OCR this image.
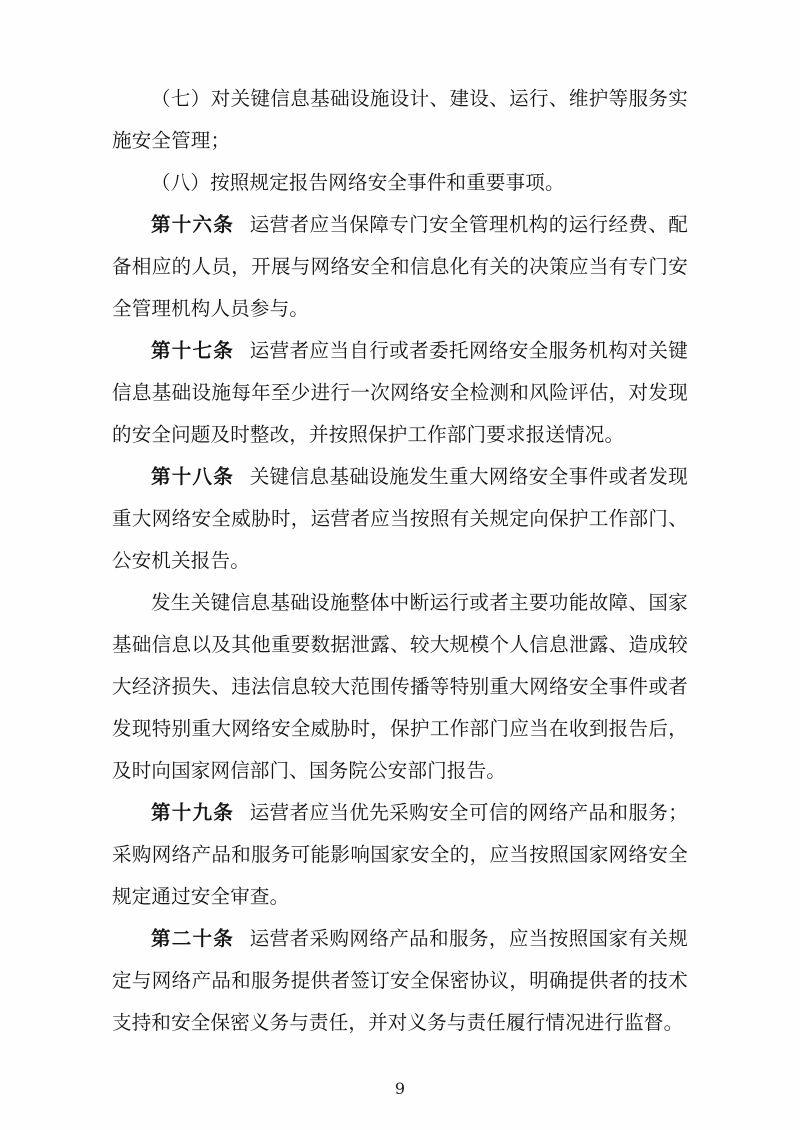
（七）对关键信息基础设施设计、建设、运行、维护等服务实施安全管理；

（八）按照规定报告网络安全事件和重要事项。

第十六条 运营者应当保障专门安全管理机构的运行经费、配备相应的人员，开展与网络安全和信息化有关的决策应当有专门安全管理机构人员参与。

第十七条 运营者应当自行或者委托网络安全服务机构对关键信息基础设施每年至少进行一次网络安全检测和风险评估，对发现的安全问题及时整改，并按照保护工作部门要求报送情况。

第十八条 关键信息基础设施发生重大网络安全事件或者发现重大网络安全威胁时，运营者应当按照有关规定向保护工作部门、公安机关报告。

发生关键信息基础设施整体中断运行或者主要功能故障、国家基础信息以及其他重要数据泄露、较大规模个人信息泄露、造成较大经济损失、违法信息较大范围传播等特别重大网络安全事件或者发现特别重大网络安全威胁时，保护工作部门应当在收到报告后，及时向国家网信部门、国务院公安部门报告。

第十九条 运营者应当优先采购安全可信的网络产品和服务；采购网络产品和服务可能影响国家安全的，应当按照国家网络安全规定通过安全审查。

第二十条 运营者采购网络产品和服务，应当按照国家有关规定与网络产品和服务提供者签订安全保密协议，明确提供者的技术支持和安全保密义务与责任，并对义务与责任履行情况进行监督。

9
